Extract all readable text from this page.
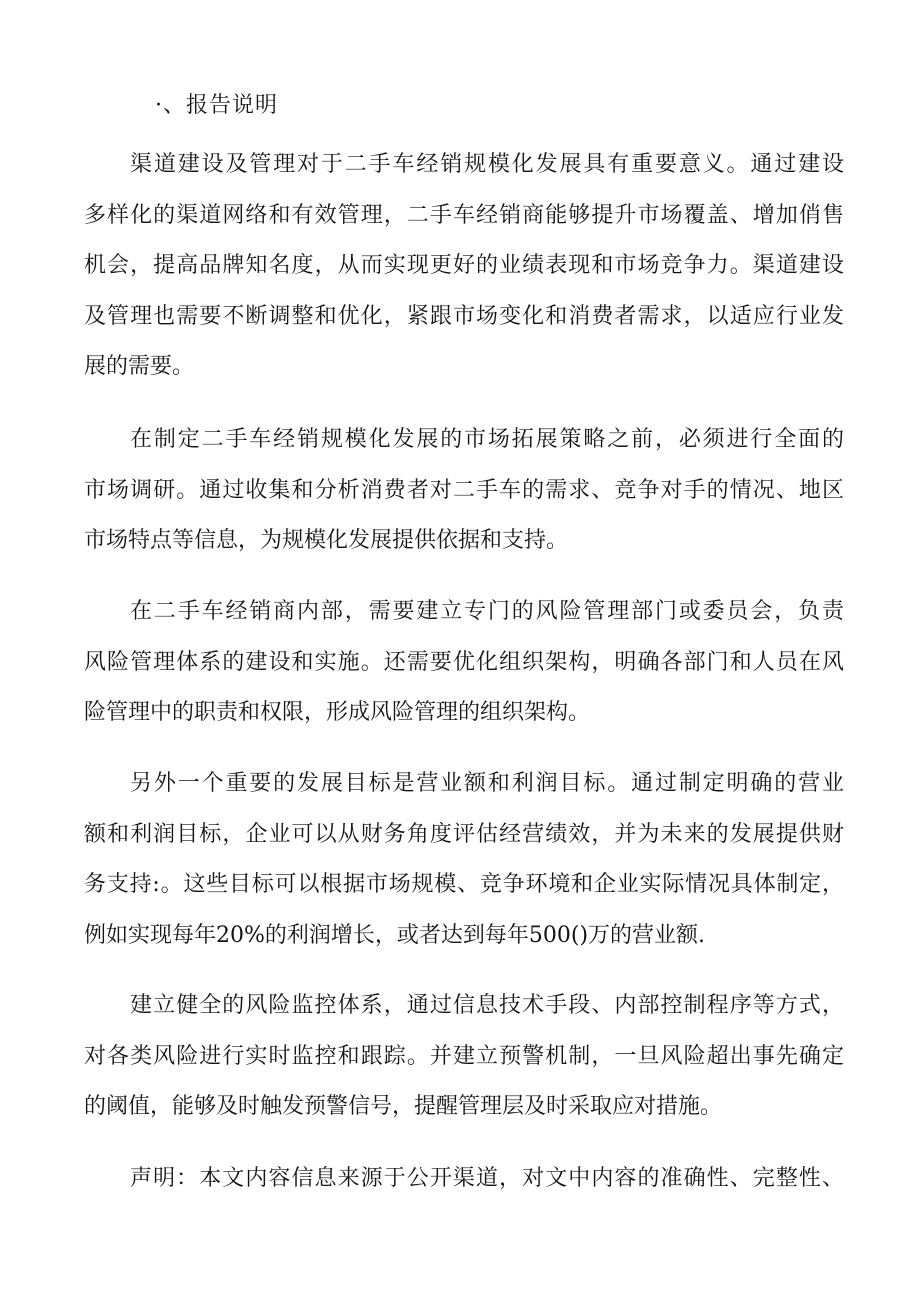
·、报告说明
渠道建设及管理对于二手车经销规模化发展具有重要意义。通过建设
多样化的渠道网络和有效管理，二手车经销商能够提升市场覆盖、增加俏售
机会，提高品牌知名度，从而实现更好的业绩表现和市场竞争力。渠道建设
及管理也需要不断调整和优化，紧跟市场变化和消费者需求，以适应行业发
展的需要。
在制定二手车经销规模化发展的市场拓展策略之前，必须进行全面的
市场调研。通过收集和分析消费者对二手车的需求、竞争对手的情况、地区
市场特点等信息，为规模化发展提供依据和支持。
在二手车经销商内部，需要建立专门的风险管理部门或委员会，负责
风险管理体系的建设和实施。还需要优化组织架构，明确各部门和人员在风
险管理中的职责和权限，形成风险管理的组织架构。
另外一个重要的发展目标是营业额和利润目标。通过制定明确的营业
额和利润目标，企业可以从财务角度评估经营绩效，并为未来的发展提供财
务支持:。这些目标可以根据市场规模、竞争环境和企业实际情况具体制定，
例如实现每年20%的利润增长，或者达到每年500()万的营业额.
建立健全的风险监控体系，通过信息技术手段、内部控制程序等方式，
对各类风险进行实时监控和跟踪。并建立预警机制，一旦风险超出事先确定
的阈值，能够及时触发预警信号，提醒管理层及时采取应对措施。
声明：本文内容信息来源于公开渠道，对文中内容的准确性、完整性、
